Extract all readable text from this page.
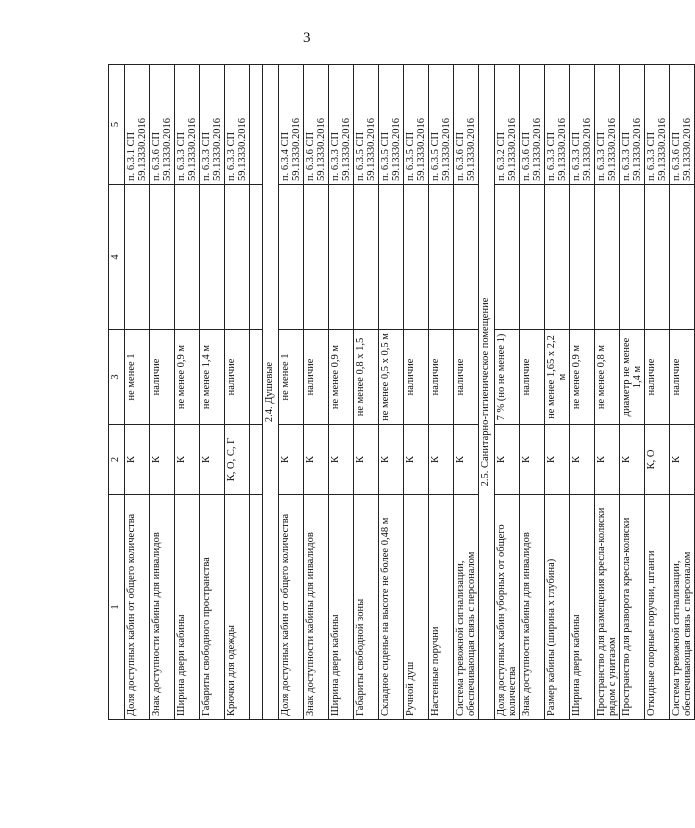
3
1	2	3	4	5
Доля доступных кабин от общего количества	К	не менее 1		п. 6.3.1 СП 59.13330.2016
Знак доступности кабины для инвалидов	К	наличие		п. 6.3.6 СП 59.13330.2016
Ширина двери кабины	К	не менее 0,9 м		п. 6.3.3 СП 59.13330.2016
Габариты свободного пространства	К	не менее 1,4 м		п. 6.3.3 СП 59.13330.2016
Крючки для одежды	К, О, С, Г	наличие		п. 6.3.3 СП 59.13330.2016

2.4. Душевые				
Доля доступных кабин от общего количества	К	не менее 1		п. 6.3.4 СП 59.13330.2016
Знак доступности кабины для инвалидов	К	наличие		п. 6.3.6 СП 59.13330.2016
Ширина двери кабины	К	не менее 0,9 м		п. 6.3.3 СП 59.13330.2016
Габариты свободной зоны	К	не менее 0,8 х 1,5		п. 6.3.5 СП 59.13330.2016
Складное сиденье на высоте не более 0,48 м	К	не менее 0,5 х 0,5 м		п. 6.3.5 СП 59.13330.2016
Ручной душ	К	наличие		п. 6.3.5 СП 59.13330.2016
Настенные поручни	К	наличие		п. 6.3.5 СП 59.13330.2016
Система тревожной сигнализации, обеспечивающая связь с персоналом	К	наличие		п. 6.3.6 СП 59.13330.2016
2.5. Санитарно-гигиеническое помещение				
Доля доступных кабин уборных от общего количества	К	7 % (но не менее 1)		п. 6.3.2 СП 59.13330.2016
Знак доступности кабины для инвалидов	К	наличие		п. 6.3.6 СП 59.13330.2016
Размер кабины (ширина х глубина)	К	не менее 1,65 х 2,2 м		п. 6.3.3 СП 59.13330.2016
Ширина двери кабины	К	не менее 0,9 м		п. 6.3.3 СП 59.13330.2016
Пространство для размещения кресла-коляски рядом с унитазом	К	не менее 0,8 м		п. 6.3.3 СП 59.13330.2016
Пространство для разворота кресла-коляски	К	диаметр не менее 1,4 м		п. 6.3.3 СП 59.13330.2016
Откидные опорные поручни, штанги	К, О	наличие		п. 6.3.3 СП 59.13330.2016
Система тревожной сигнализации, обеспечивающая связь с персоналом	К	наличие		п. 6.3.6 СП 59.13330.2016
